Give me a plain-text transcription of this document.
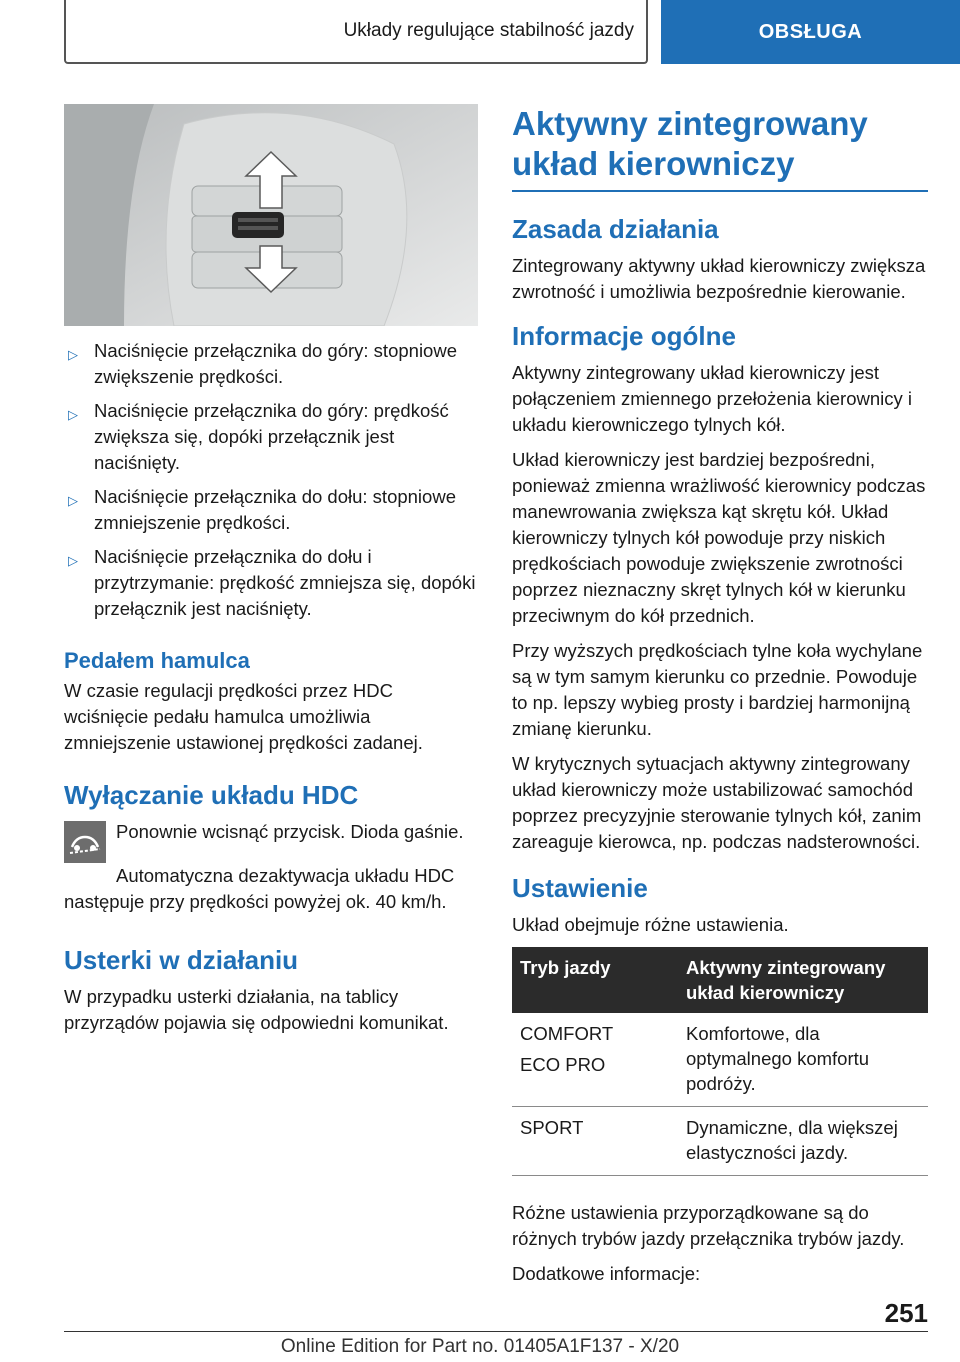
Układy regulujące stabilność jazdy	OBSŁUGA
▷ Naciśnięcie przełącznika do góry: stopniowe zwiększenie prędkości.
▷ Naciśnięcie przełącznika do góry: prędkość zwiększa się, dopóki przełącznik jest naciśnięty.
▷ Naciśnięcie przełącznika do dołu: stopniowe zmniejszenie prędkości.
▷ Naciśnięcie przełącznika do dołu i przytrzymanie: prędkość zmniejsza się, dopóki przełącznik jest naciśnięty.
Pedałem hamulca

W czasie regulacji prędkości przez HDC wciśnięcie pedału hamulca umożliwia zmniejszenie ustawionej prędkości zadanej.

Wyłączanie układu HDC

Ponownie wcisnąć przycisk. Dioda gaśnie.

Automatyczna dezaktywacja układu HDC następuje przy prędkości powyżej ok. 40 km/h.

Usterki w działaniu

W przypadku usterki działania, na tablicy przyrządów pojawia się odpowiedni komunikat.

Aktywny zintegrowany układ kierowniczy
Zasada działania

Zintegrowany aktywny układ kierowniczy zwiększa zwrotność i umożliwia bezpośrednie kierowanie.

Informacje ogólne

Aktywny zintegrowany układ kierowniczy jest połączeniem zmiennego przełożenia kierownicy i układu kierowniczego tylnych kół.

Układ kierowniczy jest bardziej bezpośredni, ponieważ zmienna wrażliwość kierownicy podczas manewrowania zwiększa kąt skrętu kół. Układ kierowniczy tylnych kół powoduje przy niskich prędkościach powoduje zwiększenie zwrotności poprzez nieznaczny skręt tylnych kół w kierunku przeciwnym do kół przednich.

Przy wyższych prędkościach tylne koła wychylane są w tym samym kierunku co przednie. Powoduje to np. lepszy wybieg prosty i bardziej harmonijną zmianę kierunku.

W krytycznych sytuacjach aktywny zintegrowany układ kierowniczy może ustabilizować samochód poprzez precyzyjnie sterowanie tylnych kół, zanim zareaguje kierowca, np. podczas nadsterowności.

Ustawienie

Układ obejmuje różne ustawienia.

Tryb jazdy	Aktywny zintegrowany układ kierowniczy

COMFORT
ECO PRO	Komfortowe, dla optymalnego komfortu podróży.
SPORT	Dynamiczne, dla większej elastyczności jazdy.

Różne ustawienia przyporządkowane są do różnych trybów jazdy przełącznika trybów jazdy.

Dodatkowe informacje:

251
Online Edition for Part no. 01405A1F137 - X/20
